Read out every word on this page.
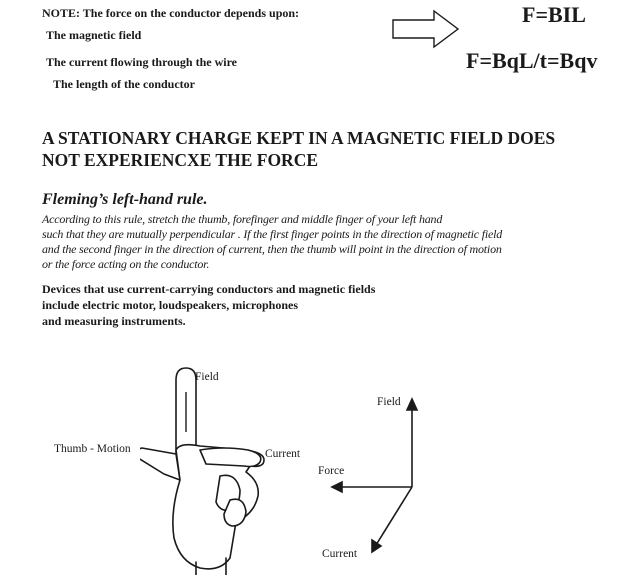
NOTE: The force on the conductor depends upon:
The magnetic field
The current flowing through the wire
The length of the conductor
F=BIL
F=BqL/t=Bqv
A STATIONARY CHARGE KEPT IN A MAGNETIC FIELD DOES
NOT EXPERIENCXE THE FORCE
Fleming’s left-hand rule.
According to this rule, stretch the thumb, forefinger and middle finger of your left hand
such that they are mutually perpendicular . If the first finger points in the direction of magnetic field
and the second finger in the direction of current, then the thumb will point in the direction of motion
or the force acting on the conductor.
Devices that use current-carrying conductors and magnetic fields
include electric motor, loudspeakers, microphones
and measuring instruments.
Field
Thumb - Motion	Current
Field
Force
Current
